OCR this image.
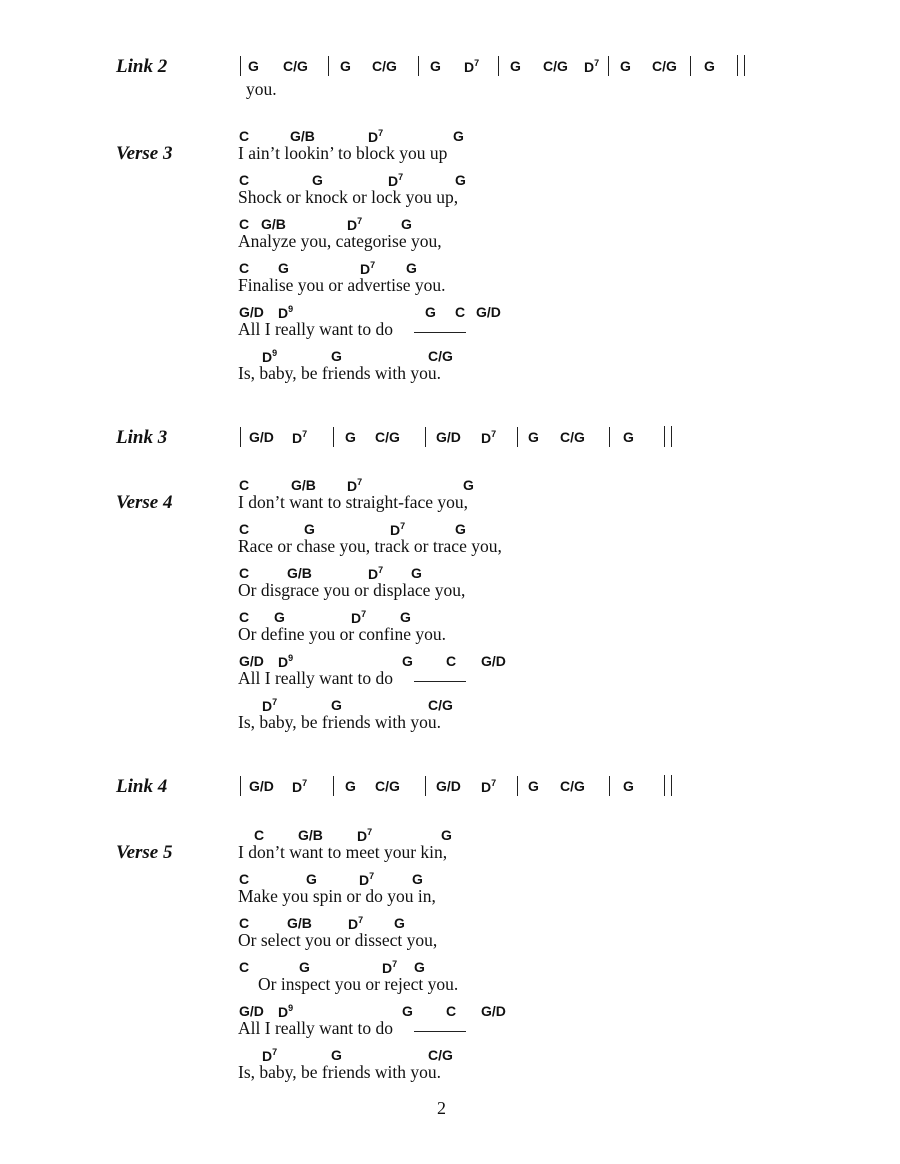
Link 2	G C/G G C/G G $D^7$ G C/G $D^7$ G C/G G
you.
Verse 3
C	G/B	$D^7$	G
I ain’t lookin’ to block you up
C	G	$D^7$	G
Shock or knock or lock you up,
C G/B	$D^7$	G
Analyze you, categorise you,
C G	$D^7$ G
Finalise you or advertise you.
G/D $D^9$	G C G/D
All I really want to do
$D^9$	G	C/G
Is, baby, be friends with you.
Link 3	G/D $D^7$	G C/G	G/D $D^7$ G C/G	G
Verse 4
C	G/B $D^7$	G
I don’t want to straight-face you,
C	G	$D^7$	G
Race or chase you, track or trace you,
C	G/B	$D^7$ G
Or disgrace you or displace you,
C G	$D^7$ G
Or define you or confine you.
G/D $D^9$	G C G/D
All I really want to do
$D^7$	G	C/G
Is, baby, be friends with you.
Link 4	G/D $D^7$	G C/G	G/D $D^7$ G C/G	G
Verse 5
C G/B $D^7$	G
I don’t want to meet your kin,
C	G	$D^7$	G
Make you spin or do you in,
C	G/B	$D^7$ G
Or select you or dissect you,
C	G	$D^7$ G
Or inspect you or reject you.
G/D $D^9$	G C G/D
All I really want to do
$D^7$	G	C/G
Is, baby, be friends with you.
2
